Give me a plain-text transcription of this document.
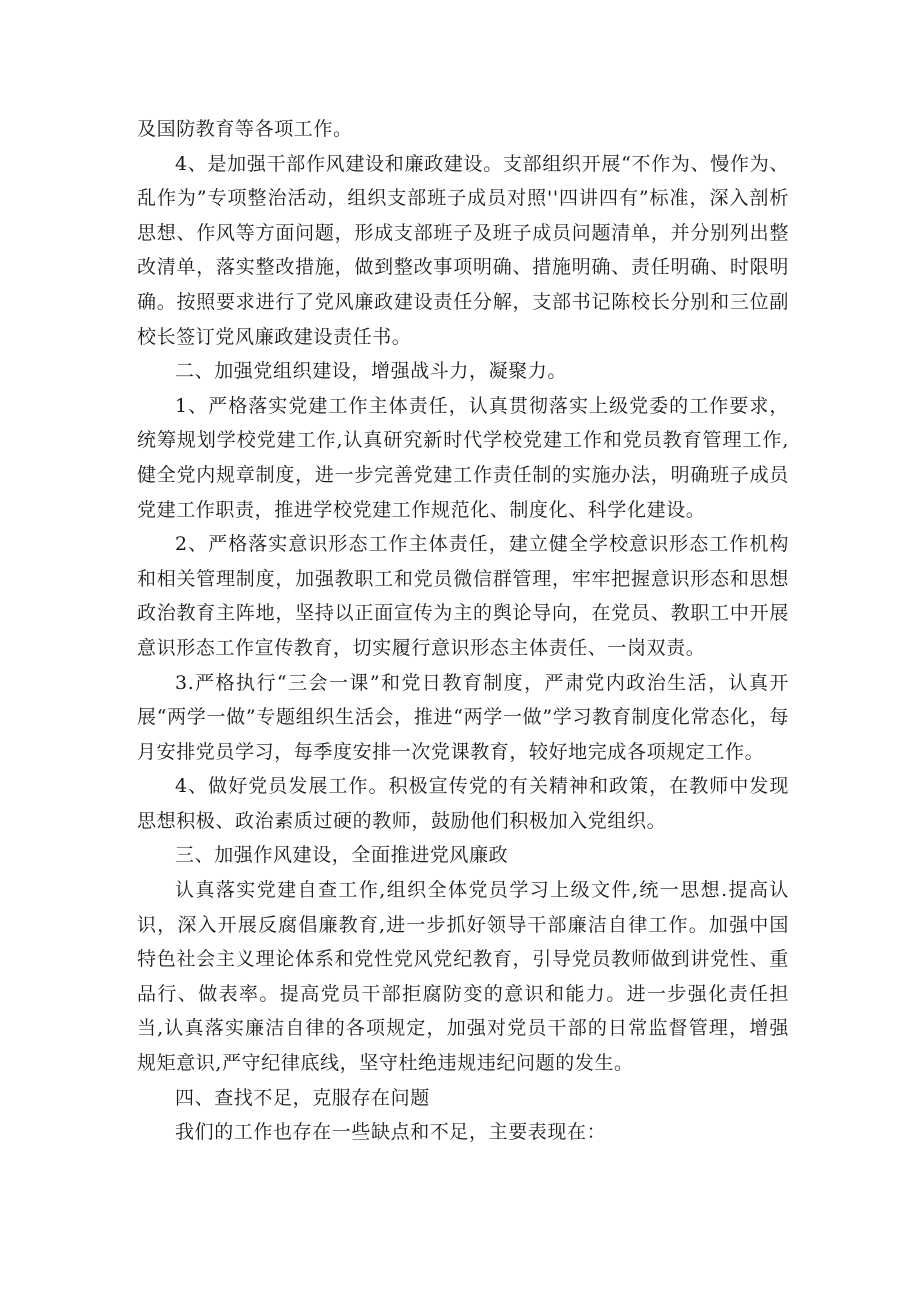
及国防教育等各项工作。

4、是加强干部作风建设和廉政建设。支部组织开展“不作为、慢作为、乱作为”专项整治活动，组织支部班子成员对照''四讲四有”标准，深入剖析思想、作风等方面问题，形成支部班子及班子成员问题清单，并分别列出整改清单，落实整改措施，做到整改事项明确、措施明确、责任明确、时限明确。按照要求进行了党风廉政建设责任分解，支部书记陈校长分别和三位副校长签订党风廉政建设责任书。

二、加强党组织建设，增强战斗力，凝聚力。

1、严格落实党建工作主体责任，认真贯彻落实上级党委的工作要求，统筹规划学校党建工作,认真研究新时代学校党建工作和党员教育管理工作,健全党内规章制度，进一步完善党建工作责任制的实施办法，明确班子成员党建工作职责，推进学校党建工作规范化、制度化、科学化建设。

2、严格落实意识形态工作主体责任，建立健全学校意识形态工作机构和相关管理制度，加强教职工和党员微信群管理，牢牢把握意识形态和思想政治教育主阵地，坚持以正面宣传为主的舆论导向，在党员、教职工中开展意识形态工作宣传教育，切实履行意识形态主体责任、一岗双责。

3.严格执行“三会一课”和党日教育制度，严肃党内政治生活，认真开展“两学一做”专题组织生活会，推进“两学一做”学习教育制度化常态化，每月安排党员学习，每季度安排一次党课教育，较好地完成各项规定工作。

4、做好党员发展工作。积极宣传党的有关精神和政策，在教师中发现思想积极、政治素质过硬的教师，鼓励他们积极加入党组织。

三、加强作风建设，全面推进党风廉政

认真落实党建自查工作,组织全体党员学习上级文件,统一思想.提高认识，深入开展反腐倡廉教育,进一步抓好领导干部廉洁自律工作。加强中国特色社会主义理论体系和党性党风党纪教育，引导党员教师做到讲党性、重品行、做表率。提高党员干部拒腐防变的意识和能力。进一步强化责任担当,认真落实廉洁自律的各项规定，加强对党员干部的日常监督管理，增强规矩意识,严守纪律底线，坚守杜绝违规违纪问题的发生。

四、查找不足，克服存在问题

我们的工作也存在一些缺点和不足，主要表现在：
